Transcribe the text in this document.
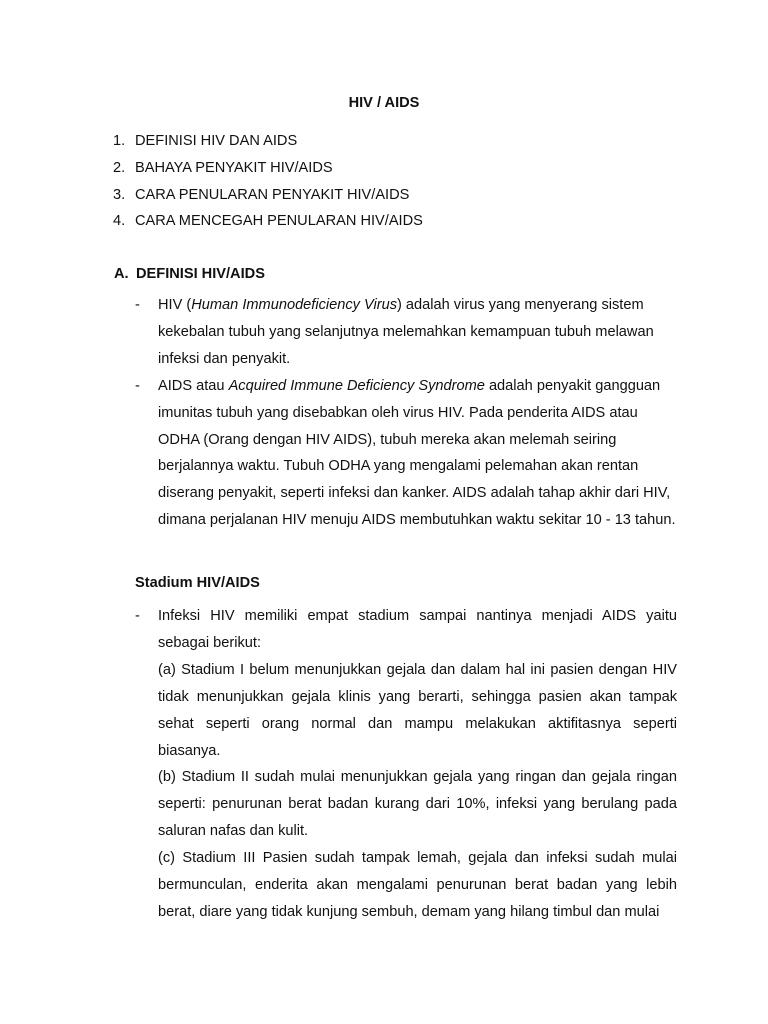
HIV / AIDS
1. DEFINISI HIV DAN AIDS
2. BAHAYA PENYAKIT HIV/AIDS
3. CARA PENULARAN PENYAKIT HIV/AIDS
4. CARA MENCEGAH PENULARAN HIV/AIDS
A. DEFINISI HIV/AIDS
-	HIV (Human Immunodeficiency Virus) adalah virus yang menyerang sistem kekebalan tubuh yang selanjutnya melemahkan kemampuan tubuh melawan infeksi dan penyakit.
-	AIDS atau Acquired Immune Deficiency Syndrome adalah penyakit gangguan imunitas tubuh yang disebabkan oleh virus HIV. Pada penderita AIDS atau ODHA (Orang dengan HIV AIDS), tubuh mereka akan melemah seiring berjalannya waktu. Tubuh ODHA yang mengalami pelemahan akan rentan diserang penyakit, seperti infeksi dan kanker. AIDS adalah tahap akhir dari HIV, dimana perjalanan HIV menuju AIDS membutuhkan waktu sekitar 10 - 13 tahun.
Stadium HIV/AIDS
-	Infeksi HIV memiliki empat stadium sampai nantinya menjadi AIDS yaitu sebagai berikut:

(a) Stadium I belum menunjukkan gejala dan dalam hal ini pasien dengan HIV tidak menunjukkan gejala klinis yang berarti, sehingga pasien akan tampak sehat seperti orang normal dan mampu melakukan aktifitasnya seperti biasanya.

(b) Stadium II sudah mulai menunjukkan gejala yang ringan dan gejala ringan seperti: penurunan berat badan kurang dari 10%, infeksi yang berulang pada saluran nafas dan kulit.

(c) Stadium III Pasien sudah tampak lemah, gejala dan infeksi sudah mulai bermunculan, enderita akan mengalami penurunan berat badan yang lebih berat, diare yang tidak kunjung sembuh, demam yang hilang timbul dan mulai
